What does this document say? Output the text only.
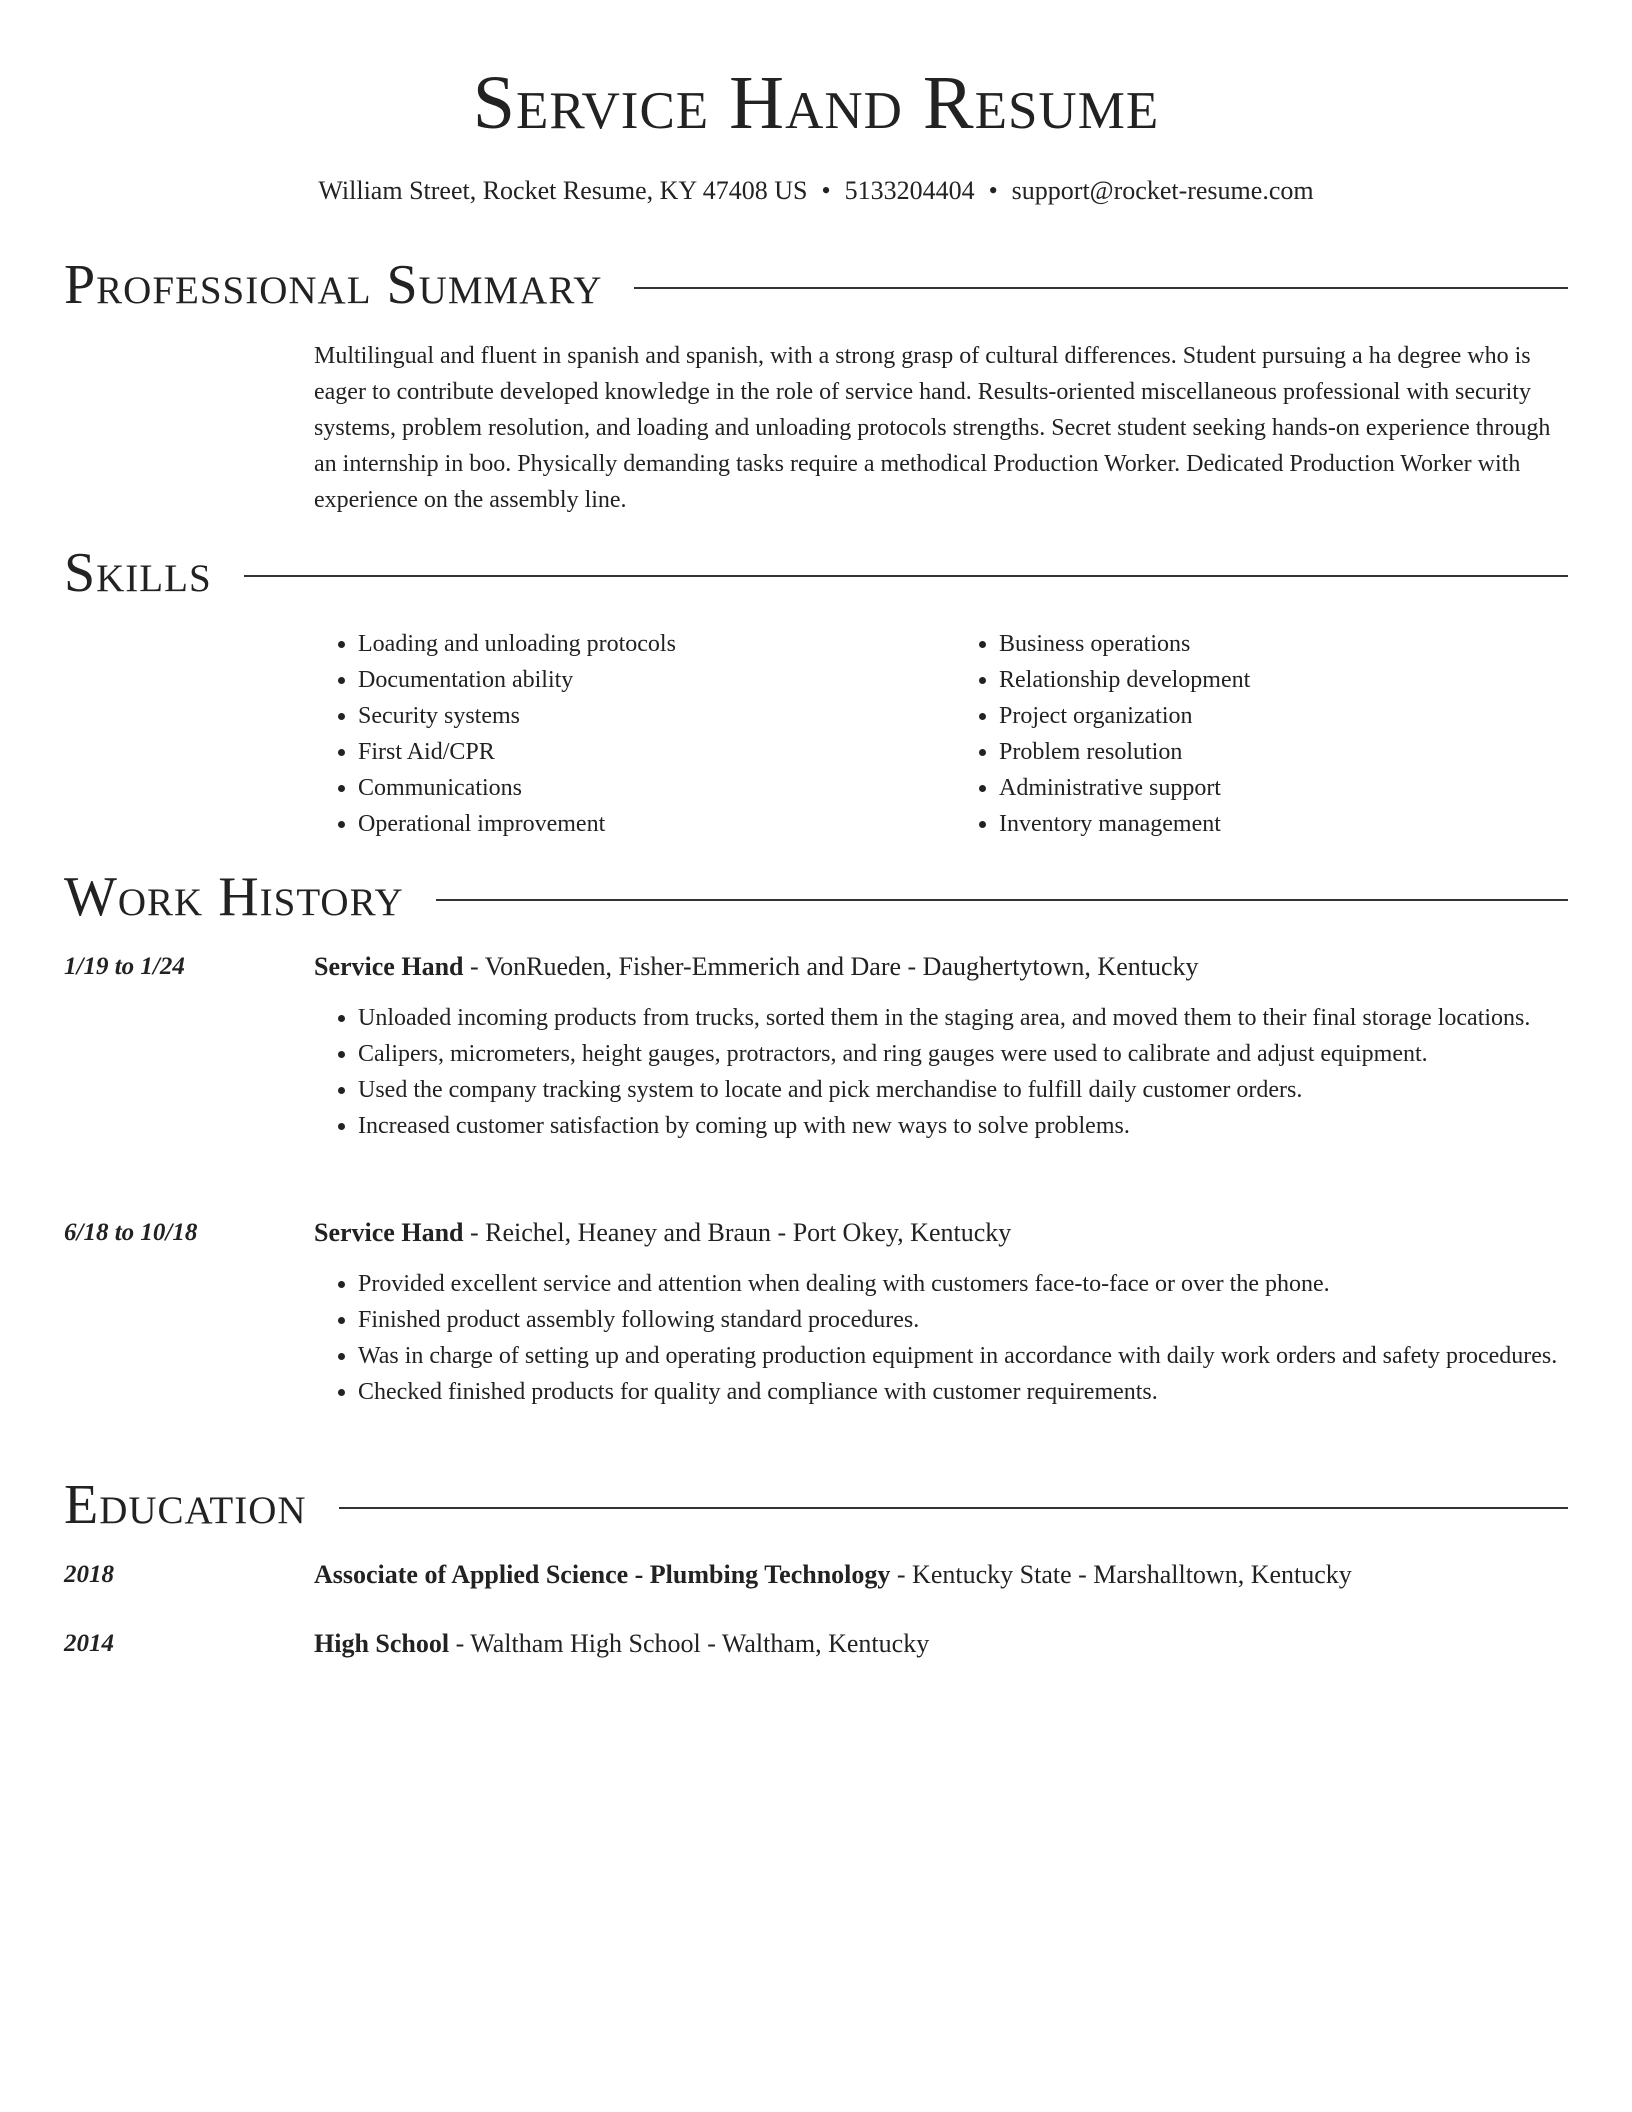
Service Hand Resume
William Street, Rocket Resume, KY 47408 US • 5133204404 • support@rocket-resume.com
Professional Summary

Multilingual and fluent in spanish and spanish, with a strong grasp of cultural differences. Student pursuing a ha degree who is eager to contribute developed knowledge in the role of service hand. Results-oriented miscellaneous professional with security systems, problem resolution, and loading and unloading protocols strengths. Secret student seeking hands-on experience through an internship in boo. Physically demanding tasks require a methodical Production Worker. Dedicated Production Worker with experience on the assembly line.

Skills
• Loading and unloading protocols
• Documentation ability
• Security systems
• First Aid/CPR
• Communications
• Operational improvement
• Business operations
• Relationship development
• Project organization
• Problem resolution
• Administrative support
• Inventory management
Work History
1/19 to 1/24	Service Hand - VonRueden, Fisher-Emmerich and Dare - Daughertytown, Kentucky
• Unloaded incoming products from trucks, sorted them in the staging area, and moved them to their final storage locations.
• Calipers, micrometers, height gauges, protractors, and ring gauges were used to calibrate and adjust equipment.
• Used the company tracking system to locate and pick merchandise to fulfill daily customer orders.
• Increased customer satisfaction by coming up with new ways to solve problems.
6/18 to 10/18	Service Hand - Reichel, Heaney and Braun - Port Okey, Kentucky
• Provided excellent service and attention when dealing with customers face-to-face or over the phone.
• Finished product assembly following standard procedures.
• Was in charge of setting up and operating production equipment in accordance with daily work orders and safety procedures.
• Checked finished products for quality and compliance with customer requirements.
Education
2018	Associate of Applied Science - Plumbing Technology - Kentucky State - Marshalltown, Kentucky
2014	High School - Waltham High School - Waltham, Kentucky
